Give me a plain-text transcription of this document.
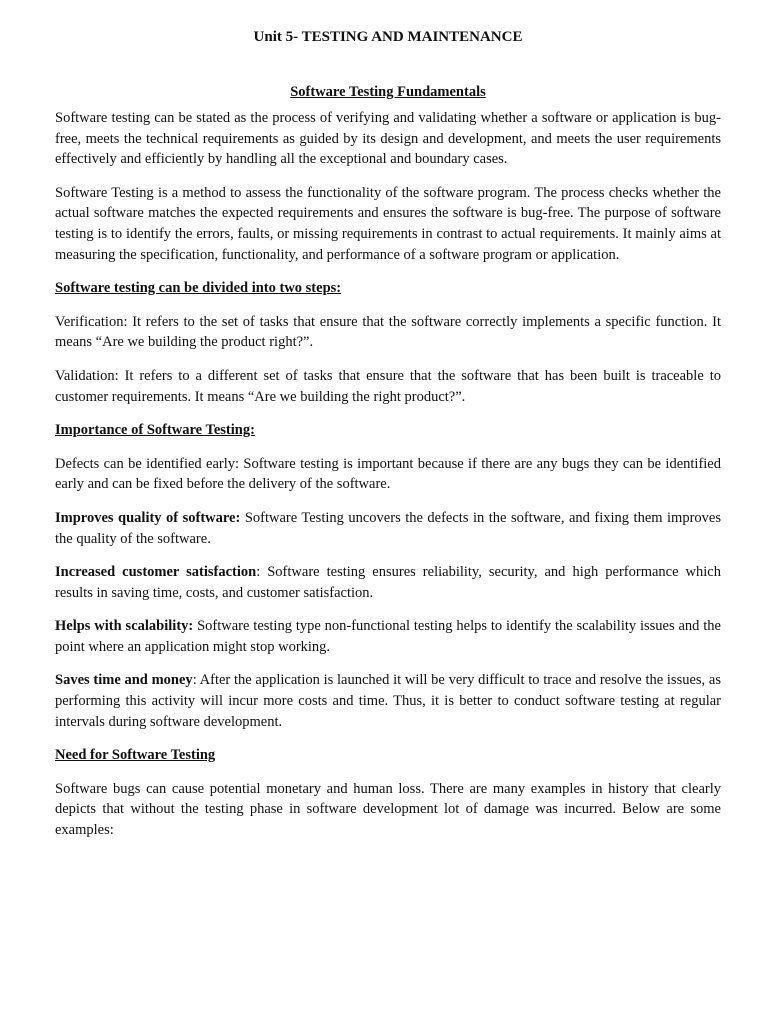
Unit 5- TESTING AND MAINTENANCE
Software Testing Fundamentals

Software testing can be stated as the process of verifying and validating whether a software or application is bug-free, meets the technical requirements as guided by its design and development, and meets the user requirements effectively and efficiently by handling all the exceptional and boundary cases.

Software Testing is a method to assess the functionality of the software program. The process checks whether the actual software matches the expected requirements and ensures the software is bug-free. The purpose of software testing is to identify the errors, faults, or missing requirements in contrast to actual requirements. It mainly aims at measuring the specification, functionality, and performance of a software program or application.

Software testing can be divided into two steps:

Verification: It refers to the set of tasks that ensure that the software correctly implements a specific function. It means “Are we building the product right?”.

Validation: It refers to a different set of tasks that ensure that the software that has been built is traceable to customer requirements. It means “Are we building the right product?”.

Importance of Software Testing:

Defects can be identified early: Software testing is important because if there are any bugs they can be identified early and can be fixed before the delivery of the software.

Improves quality of software: Software Testing uncovers the defects in the software, and fixing them improves the quality of the software.

Increased customer satisfaction: Software testing ensures reliability, security, and high performance which results in saving time, costs, and customer satisfaction.

Helps with scalability: Software testing type non-functional testing helps to identify the scalability issues and the point where an application might stop working.

Saves time and money: After the application is launched it will be very difficult to trace and resolve the issues, as performing this activity will incur more costs and time. Thus, it is better to conduct software testing at regular intervals during software development.

Need for Software Testing

Software bugs can cause potential monetary and human loss. There are many examples in history that clearly depicts that without the testing phase in software development lot of damage was incurred. Below are some examples:
